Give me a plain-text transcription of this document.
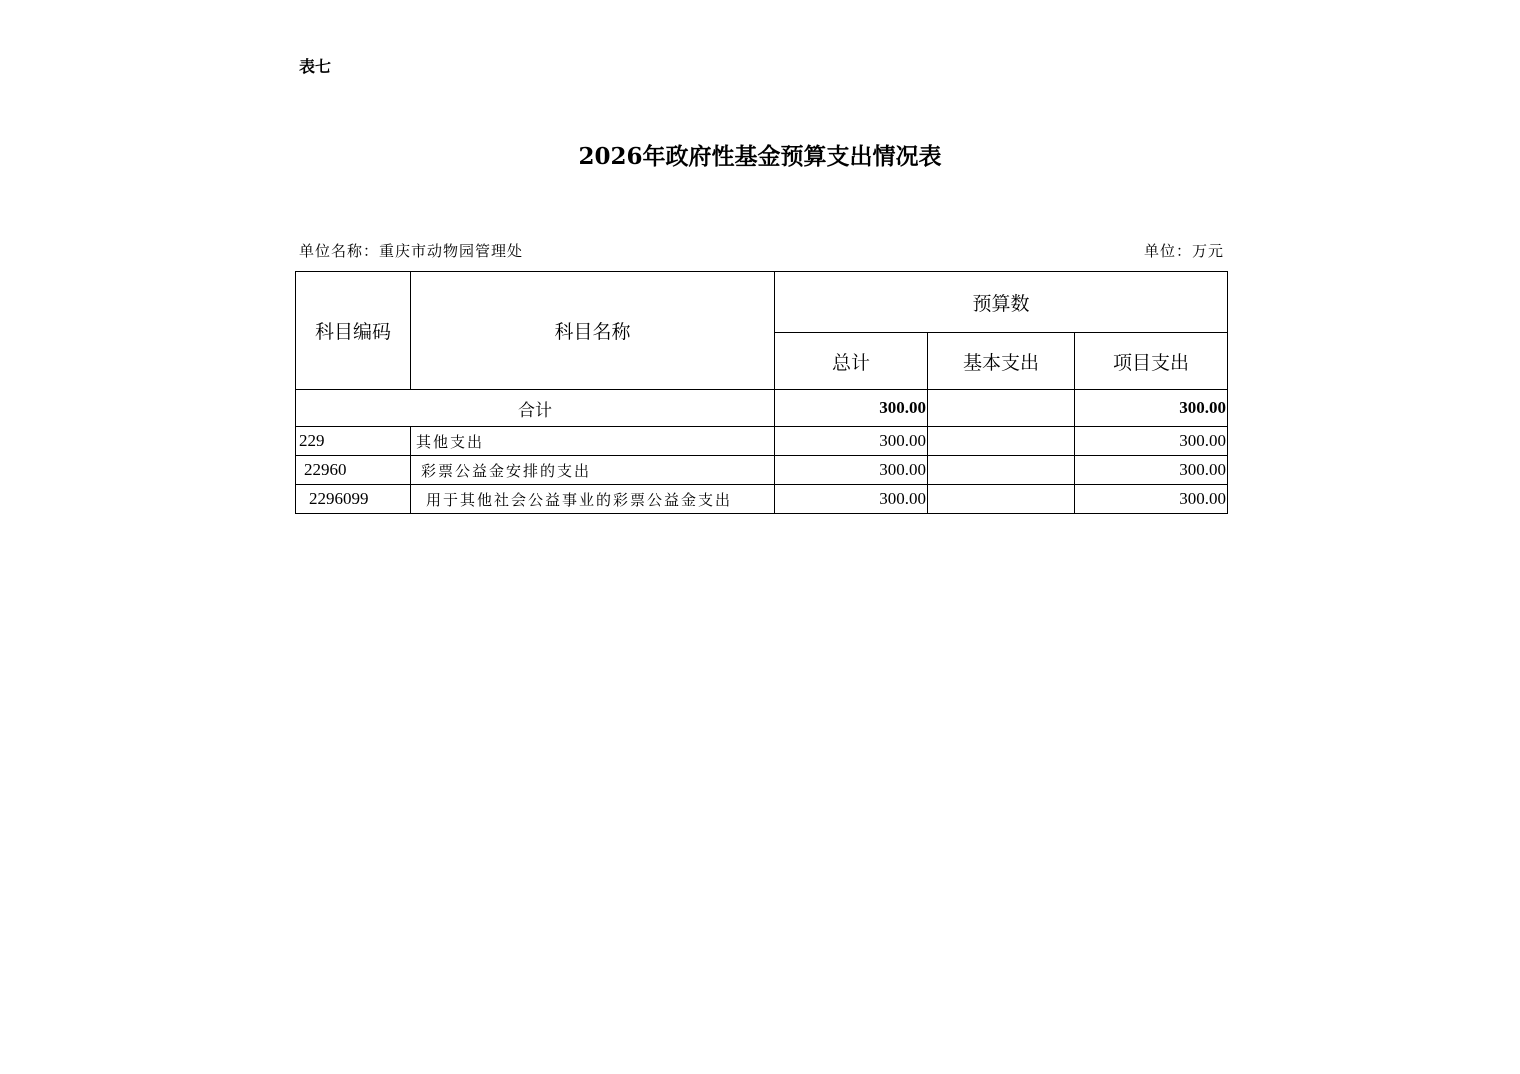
表七
2026年政府性基金预算支出情况表
单位名称：重庆市动物园管理处	单位：万元
科目编码	科目名称	预算数		
		总计	基本支出	项目支出
合计		300.00		300.00
229	其他支出	300.00		300.00
22960	彩票公益金安排的支出	300.00		300.00
2296099	用于其他社会公益事业的彩票公益金支出	300.00		300.00
